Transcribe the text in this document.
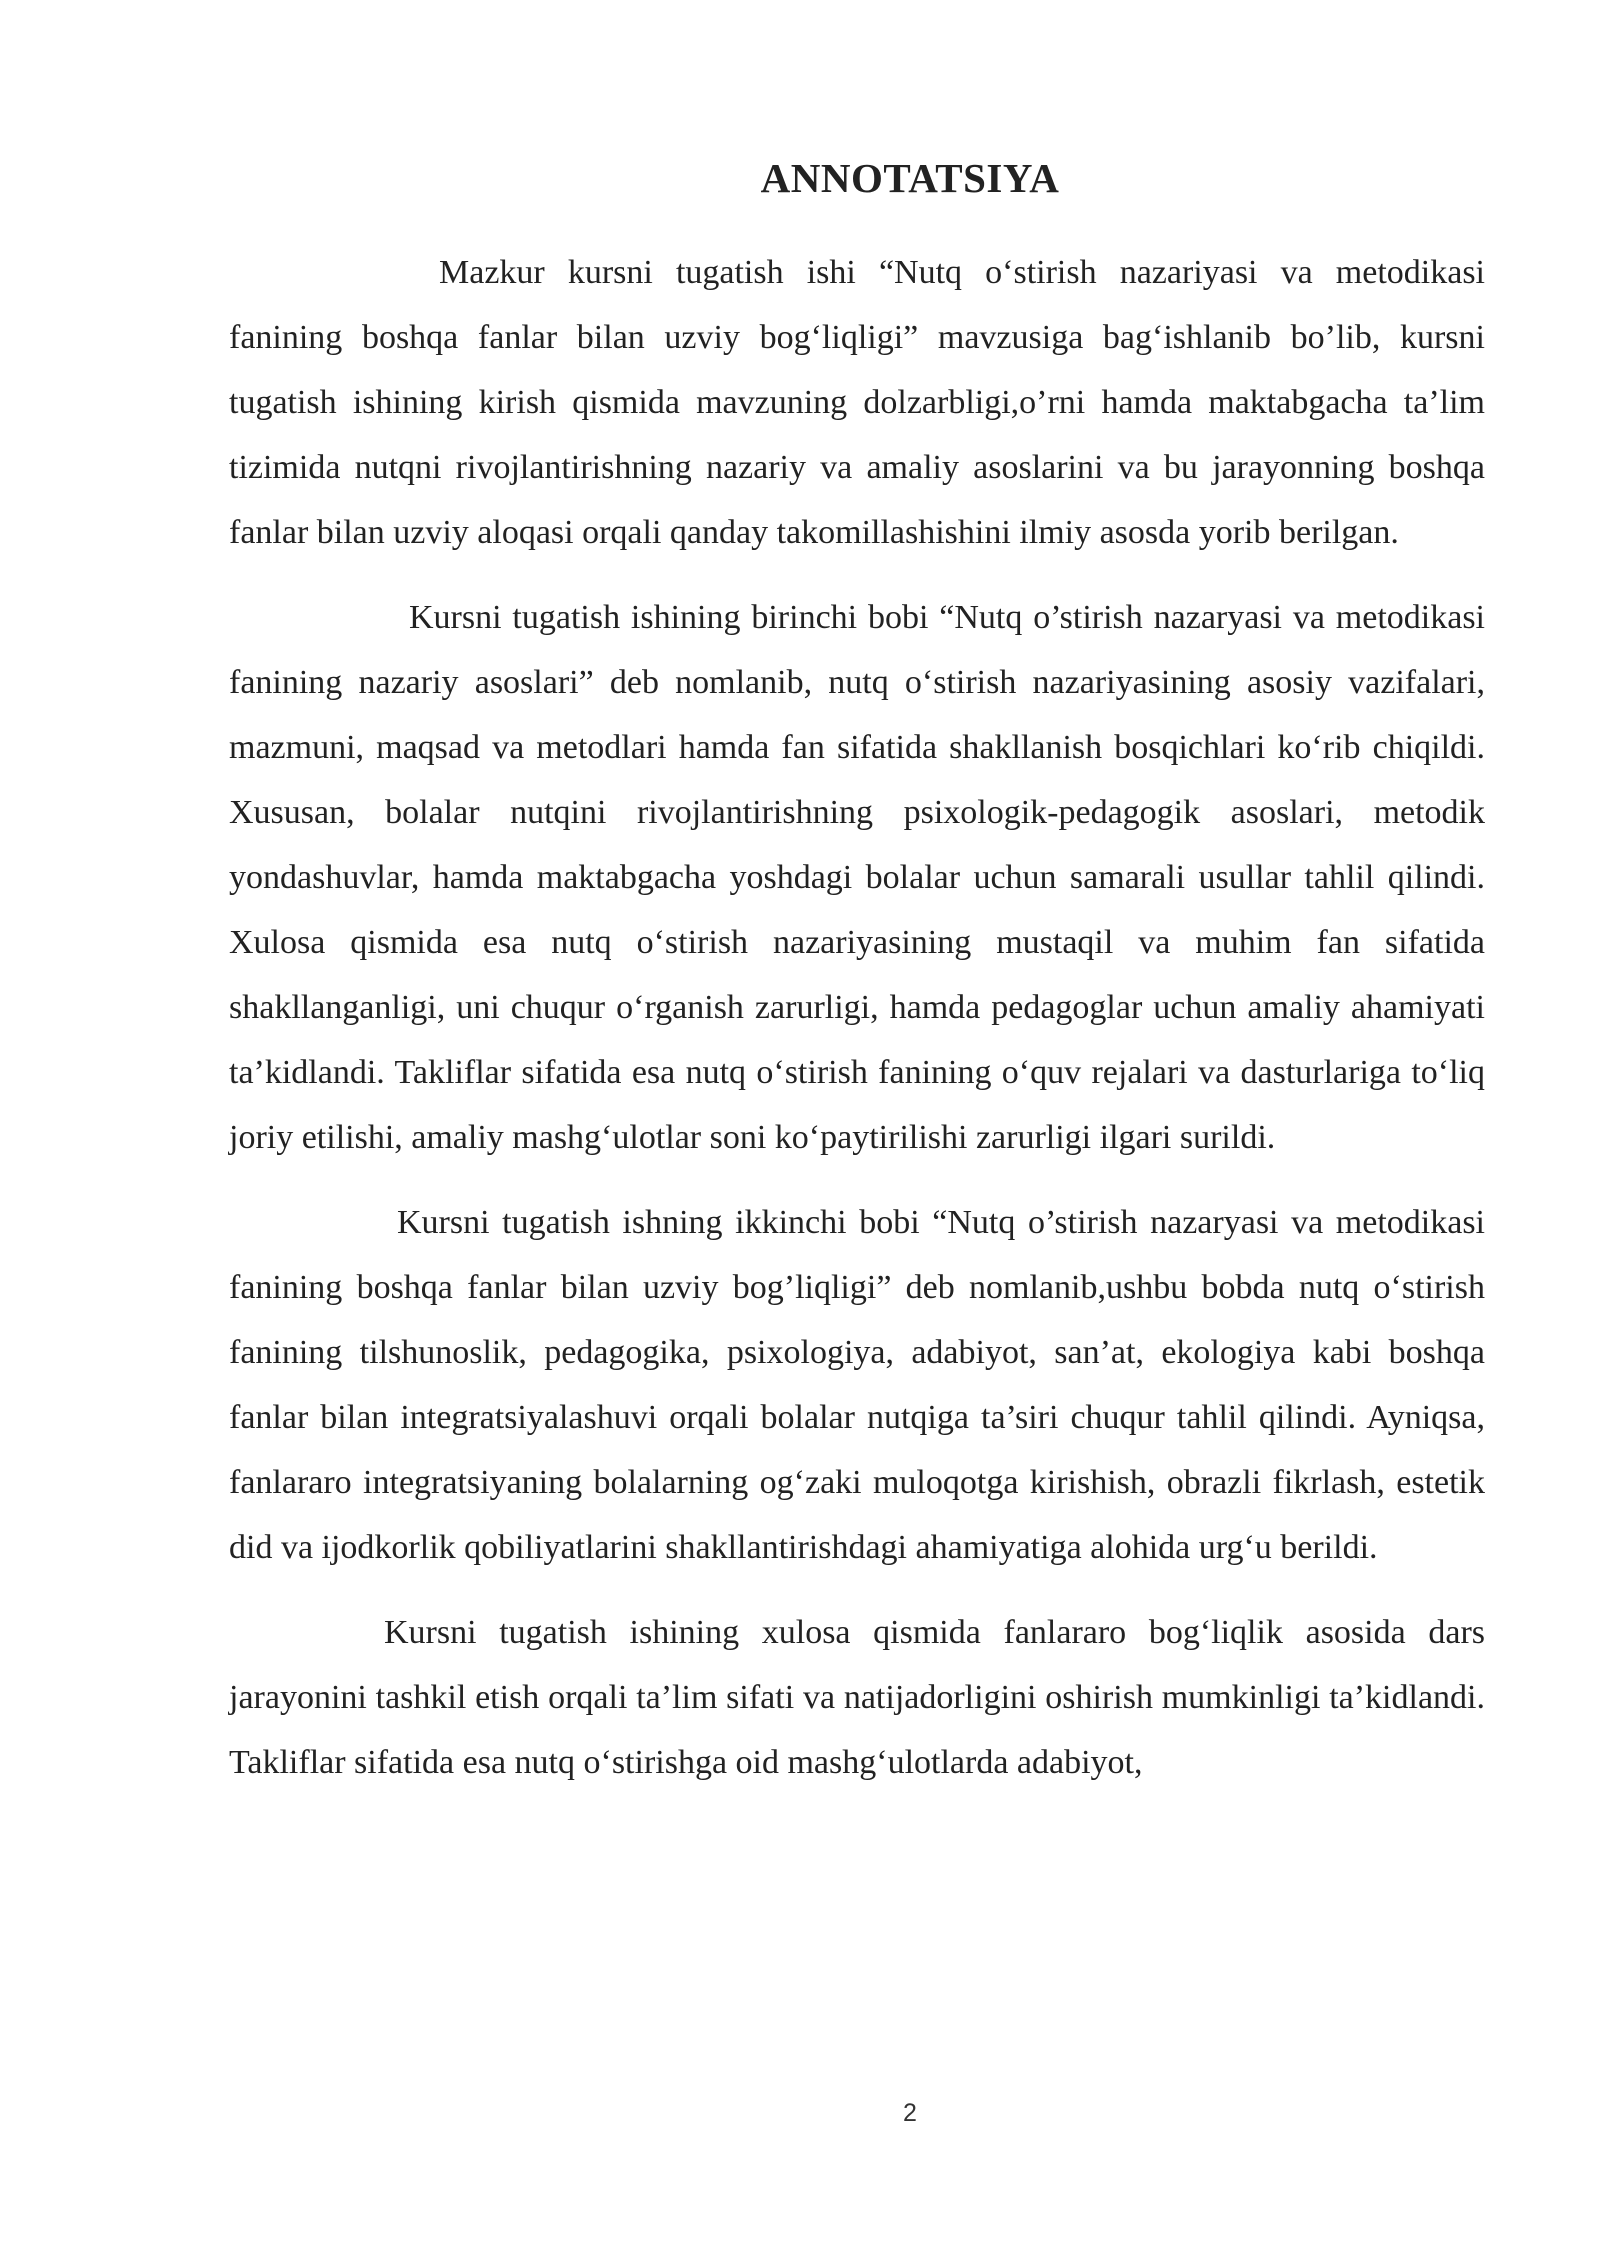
ANNOTATSIYA

Mazkur kursni tugatish ishi “Nutq o‘stirish nazariyasi va metodikasi fanining boshqa fanlar bilan uzviy bog‘liqligi” mavzusiga bag‘ishlanib bo’lib, kursni tugatish ishining kirish qismida mavzuning dolzarbligi,o’rni hamda maktabgacha ta’lim tizimida nutqni rivojlantirishning nazariy va amaliy asoslarini va bu jarayonning boshqa fanlar bilan uzviy aloqasi orqali qanday takomillashishini ilmiy asosda yorib berilgan.

Kursni tugatish ishining birinchi bobi “Nutq o’stirish nazaryasi va metodikasi fanining nazariy asoslari” deb nomlanib, nutq o‘stirish nazariyasining asosiy vazifalari, mazmuni, maqsad va metodlari hamda fan sifatida shakllanish bosqichlari ko‘rib chiqildi. Xususan, bolalar nutqini rivojlantirishning psixologik-pedagogik asoslari, metodik yondashuvlar, hamda maktabgacha yoshdagi bolalar uchun samarali usullar tahlil qilindi. Xulosa qismida esa nutq o‘stirish nazariyasining mustaqil va muhim fan sifatida shakllanganligi, uni chuqur o‘rganish zarurligi, hamda pedagoglar uchun amaliy ahamiyati ta’kidlandi. Takliflar sifatida esa nutq o‘stirish fanining o‘quv rejalari va dasturlariga to‘liq joriy etilishi, amaliy mashg‘ulotlar soni ko‘paytirilishi zarurligi ilgari surildi.

Kursni tugatish ishning ikkinchi bobi “Nutq o’stirish nazaryasi va metodikasi fanining boshqa fanlar bilan uzviy bog’liqligi” deb nomlanib,ushbu bobda nutq o‘stirish fanining tilshunoslik, pedagogika, psixologiya, adabiyot, san’at, ekologiya kabi boshqa fanlar bilan integratsiyalashuvi orqali bolalar nutqiga ta’siri chuqur tahlil qilindi. Ayniqsa, fanlararo integratsiyaning bolalarning og‘zaki muloqotga kirishish, obrazli fikrlash, estetik did va ijodkorlik qobiliyatlarini shakllantirishdagi ahamiyatiga alohida urg‘u berildi.

Kursni tugatish ishining xulosa qismida fanlararo bog‘liqlik asosida dars jarayonini tashkil etish orqali ta’lim sifati va natijadorligini oshirish mumkinligi ta’kidlandi. Takliflar sifatida esa nutq o‘stirishga oid mashg‘ulotlarda adabiyot,

2
